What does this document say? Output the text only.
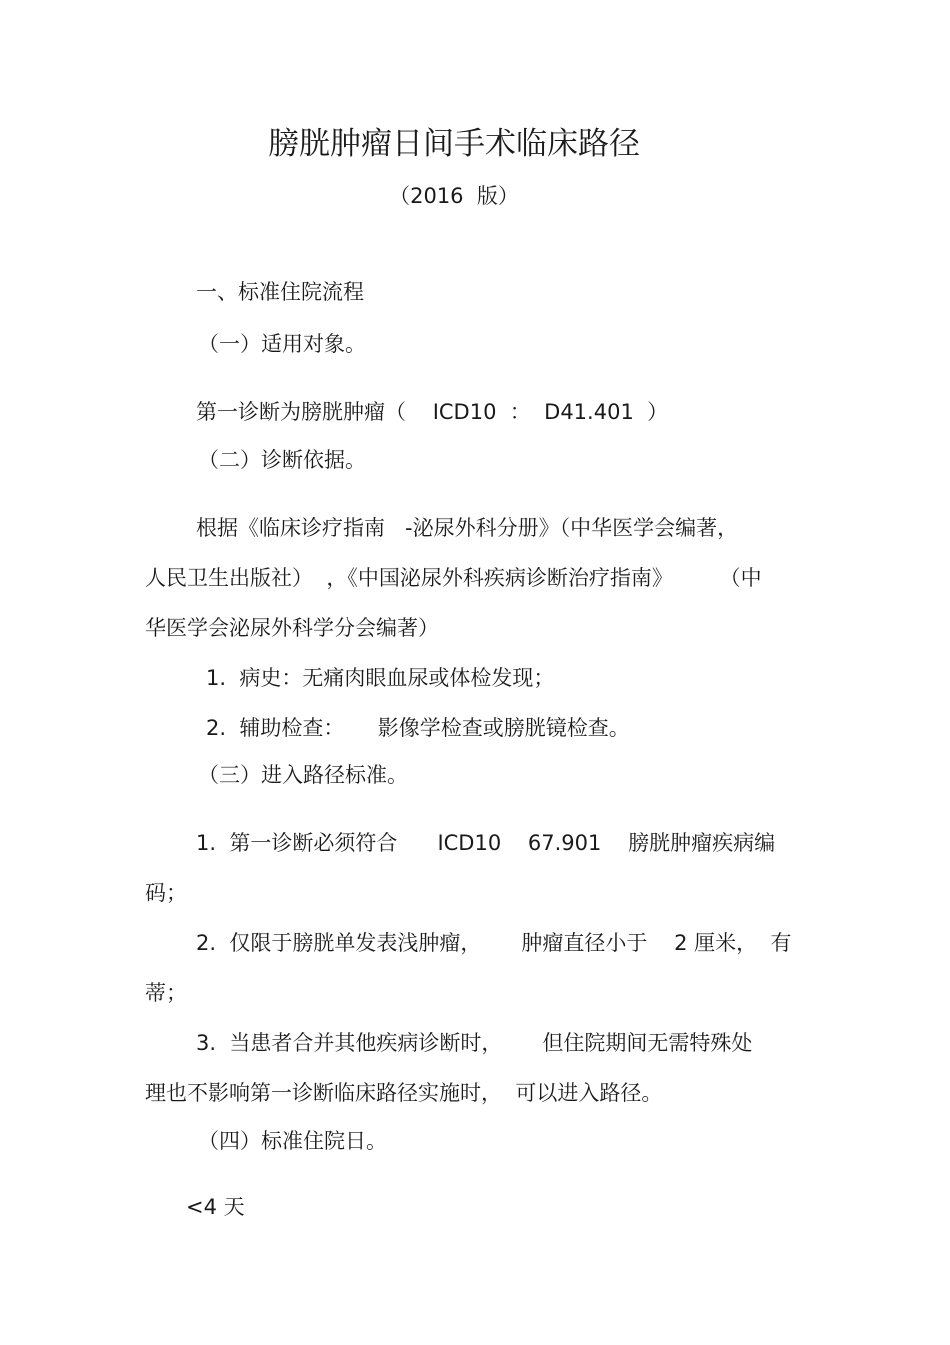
膀胱肿瘤日间手术临床路径
（2016  版）
一、标准住院流程
（一）适用对象。
第一诊断为膀胱肿瘤（    ICD10  ：  D41.401  ）
（二）诊断依据。
根据《临床诊疗指南   -泌尿外科分册》（中华医学会编著，
人民卫生出版社）  ，《中国泌尿外科疾病诊断治疗指南》       （中
华医学会泌尿外科学分会编著）
1.  病史：无痛肉眼血尿或体检发现；
2.  辅助检查：     影像学检查或膀胱镜检查。
（三）进入路径标准。
1.  第一诊断必须符合      ICD10    67.901    膀胱肿瘤疾病编
码；
2.  仅限于膀胱单发表浅肿瘤，      肿瘤直径小于    2 厘米，  有
蒂；
3.  当患者合并其他疾病诊断时，      但住院期间无需特殊处
理也不影响第一诊断临床路径实施时，  可以进入路径。
（四）标准住院日。
<4 天
